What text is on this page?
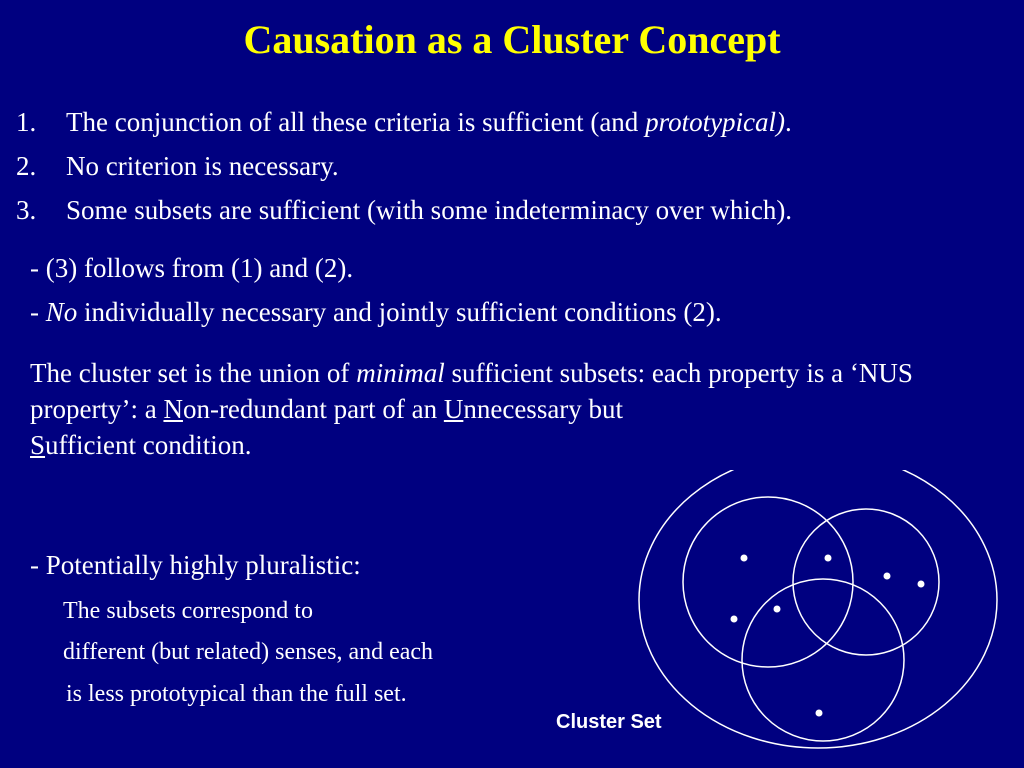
Causation as a Cluster Concept
1. The conjunction of all these criteria is sufficient (and prototypical).
2. No criterion is necessary.
3. Some subsets are sufficient (with some indeterminacy over which).
- (3) follows from (1) and (2).
- No individually necessary and jointly sufficient conditions (2).
The cluster set is the union of minimal sufficient subsets: each property is a ‘NUS property’: a Non-redundant part of an Unnecessary but
Sufficient condition.
- Potentially highly pluralistic:
The subsets correspond to
different (but related) senses, and each
is less prototypical than the full set.
Cluster Set
